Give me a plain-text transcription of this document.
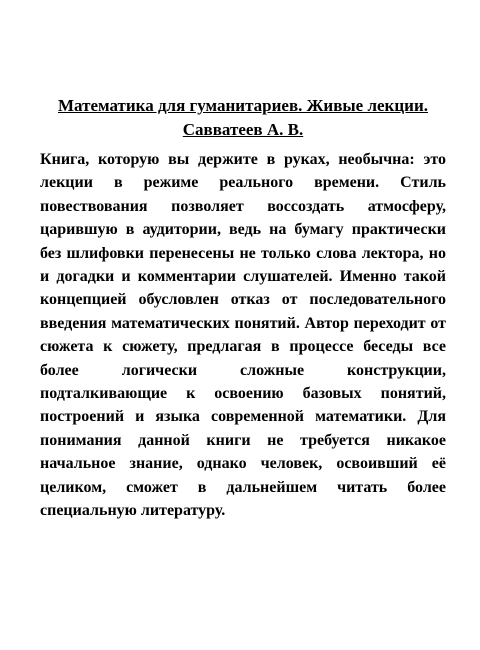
Математика для гуманитариев. Живые лекции. Савватеев А. В.

Книга, которую вы держите в руках, необычна: это лекции в режиме реального времени. Стиль повествования позволяет воссоздать атмосферу, царившую в аудитории, ведь на бумагу практически без шлифовки перенесены не только слова лектора, но и догадки и комментарии слушателей. Именно такой концепцией обусловлен отказ от последовательного введения математических понятий. Автор переходит от сюжета к сюжету, предлагая в процессе беседы все более логически сложные конструкции, подталкивающие к освоению базовых понятий, построений и языка современной математики. Для понимания данной книги не требуется никакое начальное знание, однако человек, освоивший её целиком, сможет в дальнейшем читать более специальную литературу.
